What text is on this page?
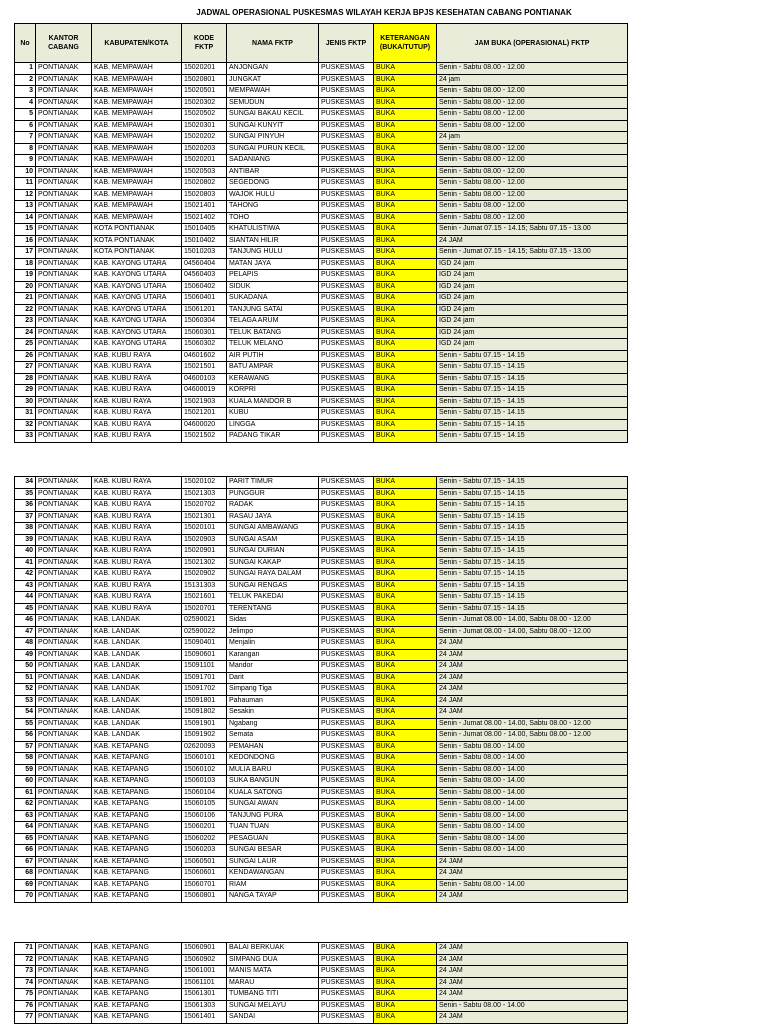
JADWAL OPERASIONAL PUSKESMAS WILAYAH KERJA BPJS KESEHATAN CABANG PONTIANAK
No	KANTOR CABANG	KABUPATEN/KOTA	KODE FKTP	NAMA FKTP	JENIS FKTP	KETERANGAN (BUKA/TUTUP)	JAM BUKA (OPERASIONAL) FKTP
1	PONTIANAK	KAB. MEMPAWAH	15020201	ANJONGAN	PUSKESMAS	BUKA	Senin - Sabtu 08.00 - 12.00
2	PONTIANAK	KAB. MEMPAWAH	15020801	JUNGKAT	PUSKESMAS	BUKA	24 jam
3	PONTIANAK	KAB. MEMPAWAH	15020501	MEMPAWAH	PUSKESMAS	BUKA	Senin - Sabtu 08.00 - 12.00
4	PONTIANAK	KAB. MEMPAWAH	15020302	SEMUDUN	PUSKESMAS	BUKA	Senin - Sabtu 08.00 - 12.00
5	PONTIANAK	KAB. MEMPAWAH	15020502	SUNGAI BAKAU KECIL	PUSKESMAS	BUKA	Senin - Sabtu 08.00 - 12.00
6	PONTIANAK	KAB. MEMPAWAH	15020301	SUNGAI KUNYIT	PUSKESMAS	BUKA	Senin - Sabtu 08.00 - 12.00
7	PONTIANAK	KAB. MEMPAWAH	15020202	SUNGAI PINYUH	PUSKESMAS	BUKA	24 jam
8	PONTIANAK	KAB. MEMPAWAH	15020203	SUNGAI PURUN KECIL	PUSKESMAS	BUKA	Senin - Sabtu 08.00 - 12.00
9	PONTIANAK	KAB. MEMPAWAH	15020201	SADANIANG	PUSKESMAS	BUKA	Senin - Sabtu 08.00 - 12.00
10	PONTIANAK	KAB. MEMPAWAH	15020503	ANTIBAR	PUSKESMAS	BUKA	Senin - Sabtu 08.00 - 12.00
11	PONTIANAK	KAB. MEMPAWAH	15020802	SEGEDONG	PUSKESMAS	BUKA	Senin - Sabtu 08.00 - 12.00
12	PONTIANAK	KAB. MEMPAWAH	15020803	WAJOK HULU	PUSKESMAS	BUKA	Senin - Sabtu 08.00 - 12.00
13	PONTIANAK	KAB. MEMPAWAH	15021401	TAHONG	PUSKESMAS	BUKA	Senin - Sabtu 08.00 - 12.00
14	PONTIANAK	KAB. MEMPAWAH	15021402	TOHO	PUSKESMAS	BUKA	Senin - Sabtu 08.00 - 12.00
15	PONTIANAK	KOTA PONTIANAK	15010405	KHATULISTIWA	PUSKESMAS	BUKA	Senin - Jumat 07.15 - 14.15; Sabtu 07.15 - 13.00
16	PONTIANAK	KOTA PONTIANAK	15010402	SIANTAN HILIR	PUSKESMAS	BUKA	24 JAM
17	PONTIANAK	KOTA PONTIANAK	15010203	TANJUNG HULU	PUSKESMAS	BUKA	Senin - Jumat 07.15 - 14.15; Sabtu 07.15 - 13.00
18	PONTIANAK	KAB. KAYONG UTARA	04560404	MATAN JAYA	PUSKESMAS	BUKA	IGD 24 jam
19	PONTIANAK	KAB. KAYONG UTARA	04560403	PELAPIS	PUSKESMAS	BUKA	IGD 24 jam
20	PONTIANAK	KAB. KAYONG UTARA	15060402	SIDUK	PUSKESMAS	BUKA	IGD 24 jam
21	PONTIANAK	KAB. KAYONG UTARA	15060401	SUKADANA	PUSKESMAS	BUKA	IGD 24 jam
22	PONTIANAK	KAB. KAYONG UTARA	15061201	TANJUNG SATAI	PUSKESMAS	BUKA	IGD 24 jam
23	PONTIANAK	KAB. KAYONG UTARA	15060304	TELAGA ARUM	PUSKESMAS	BUKA	IGD 24 jam
24	PONTIANAK	KAB. KAYONG UTARA	15060301	TELUK BATANG	PUSKESMAS	BUKA	IGD 24 jam
25	PONTIANAK	KAB. KAYONG UTARA	15060302	TELUK MELANO	PUSKESMAS	BUKA	IGD 24 jam
26	PONTIANAK	KAB. KUBU RAYA	04601602	AIR PUTIH	PUSKESMAS	BUKA	Senin - Sabtu 07.15 - 14.15
27	PONTIANAK	KAB. KUBU RAYA	15021501	BATU AMPAR	PUSKESMAS	BUKA	Senin - Sabtu 07.15 - 14.15
28	PONTIANAK	KAB. KUBU RAYA	04600103	KERAWANG	PUSKESMAS	BUKA	Senin - Sabtu 07.15 - 14.15
29	PONTIANAK	KAB. KUBU RAYA	04600019	KORPRI	PUSKESMAS	BUKA	Senin - Sabtu 07.15 - 14.15
30	PONTIANAK	KAB. KUBU RAYA	15021903	KUALA MANDOR B	PUSKESMAS	BUKA	Senin - Sabtu 07.15 - 14.15
31	PONTIANAK	KAB. KUBU RAYA	15021201	KUBU	PUSKESMAS	BUKA	Senin - Sabtu 07.15 - 14.15
32	PONTIANAK	KAB. KUBU RAYA	04600020	LINGGA	PUSKESMAS	BUKA	Senin - Sabtu 07.15 - 14.15
33	PONTIANAK	KAB. KUBU RAYA	15021502	PADANG TIKAR	PUSKESMAS	BUKA	Senin - Sabtu 07.15 - 14.15
34	PONTIANAK	KAB. KUBU RAYA	15020102	PARIT TIMUR	PUSKESMAS	BUKA	Senin - Sabtu 07.15 - 14.15
35	PONTIANAK	KAB. KUBU RAYA	15021303	PUNGGUR	PUSKESMAS	BUKA	Senin - Sabtu 07.15 - 14.15
36	PONTIANAK	KAB. KUBU RAYA	15020702	RADAK	PUSKESMAS	BUKA	Senin - Sabtu 07.15 - 14.15
37	PONTIANAK	KAB. KUBU RAYA	15021301	RASAU JAYA	PUSKESMAS	BUKA	Senin - Sabtu 07.15 - 14.15
38	PONTIANAK	KAB. KUBU RAYA	15020101	SUNGAI AMBAWANG	PUSKESMAS	BUKA	Senin - Sabtu 07.15 - 14.15
39	PONTIANAK	KAB. KUBU RAYA	15020903	SUNGAI ASAM	PUSKESMAS	BUKA	Senin - Sabtu 07.15 - 14.15
40	PONTIANAK	KAB. KUBU RAYA	15020901	SUNGAI DURIAN	PUSKESMAS	BUKA	Senin - Sabtu 07.15 - 14.15
41	PONTIANAK	KAB. KUBU RAYA	15021302	SUNGAI KAKAP	PUSKESMAS	BUKA	Senin - Sabtu 07.15 - 14.15
42	PONTIANAK	KAB. KUBU RAYA	15020902	SUNGAI RAYA DALAM	PUSKESMAS	BUKA	Senin - Sabtu 07.15 - 14.15
43	PONTIANAK	KAB. KUBU RAYA	15131303	SUNGAI RENGAS	PUSKESMAS	BUKA	Senin - Sabtu 07.15 - 14.15
44	PONTIANAK	KAB. KUBU RAYA	15021601	TELUK PAKEDAI	PUSKESMAS	BUKA	Senin - Sabtu 07.15 - 14.15
45	PONTIANAK	KAB. KUBU RAYA	15020701	TERENTANG	PUSKESMAS	BUKA	Senin - Sabtu 07.15 - 14.15
46	PONTIANAK	KAB. LANDAK	02590021	Sidas	PUSKESMAS	BUKA	Senin - Jumat 08.00 - 14.00, Sabtu 08.00 - 12.00
47	PONTIANAK	KAB. LANDAK	02590022	Jelimpo	PUSKESMAS	BUKA	Senin - Jumat 08.00 - 14.00, Sabtu 08.00 - 12.00
48	PONTIANAK	KAB. LANDAK	15090401	Menjalin	PUSKESMAS	BUKA	24 JAM
49	PONTIANAK	KAB. LANDAK	15090601	Karangan	PUSKESMAS	BUKA	24 JAM
50	PONTIANAK	KAB. LANDAK	15091101	Mandor	PUSKESMAS	BUKA	24 JAM
51	PONTIANAK	KAB. LANDAK	15091701	Darit	PUSKESMAS	BUKA	24 JAM
52	PONTIANAK	KAB. LANDAK	15091702	Simpang Tiga	PUSKESMAS	BUKA	24 JAM
53	PONTIANAK	KAB. LANDAK	15091801	Pahauman	PUSKESMAS	BUKA	24 JAM
54	PONTIANAK	KAB. LANDAK	15091802	Sesakin	PUSKESMAS	BUKA	24 JAM
55	PONTIANAK	KAB. LANDAK	15091901	Ngabang	PUSKESMAS	BUKA	Senin - Jumat 08.00 - 14.00, Sabtu 08.00 - 12.00
56	PONTIANAK	KAB. LANDAK	15091902	Semata	PUSKESMAS	BUKA	Senin - Jumat 08.00 - 14.00, Sabtu 08.00 - 12.00
57	PONTIANAK	KAB. KETAPANG	02620093	PEMAHAN	PUSKESMAS	BUKA	Senin - Sabtu 08.00 - 14.00
58	PONTIANAK	KAB. KETAPANG	15060101	KEDONDONG	PUSKESMAS	BUKA	Senin - Sabtu 08.00 - 14.00
59	PONTIANAK	KAB. KETAPANG	15060102	MULIA BARU	PUSKESMAS	BUKA	Senin - Sabtu 08.00 - 14.00
60	PONTIANAK	KAB. KETAPANG	15060103	SUKA BANGUN	PUSKESMAS	BUKA	Senin - Sabtu 08.00 - 14.00
61	PONTIANAK	KAB. KETAPANG	15060104	KUALA SATONG	PUSKESMAS	BUKA	Senin - Sabtu 08.00 - 14.00
62	PONTIANAK	KAB. KETAPANG	15060105	SUNGAI AWAN	PUSKESMAS	BUKA	Senin - Sabtu 08.00 - 14.00
63	PONTIANAK	KAB. KETAPANG	15060106	TANJUNG PURA	PUSKESMAS	BUKA	Senin - Sabtu 08.00 - 14.00
64	PONTIANAK	KAB. KETAPANG	15060201	TUAN TUAN	PUSKESMAS	BUKA	Senin - Sabtu 08.00 - 14.00
65	PONTIANAK	KAB. KETAPANG	15060202	PESAGUAN	PUSKESMAS	BUKA	Senin - Sabtu 08.00 - 14.00
66	PONTIANAK	KAB. KETAPANG	15060203	SUNGAI BESAR	PUSKESMAS	BUKA	Senin - Sabtu 08.00 - 14.00
67	PONTIANAK	KAB. KETAPANG	15060501	SUNGAI LAUR	PUSKESMAS	BUKA	24 JAM
68	PONTIANAK	KAB. KETAPANG	15060601	KENDAWANGAN	PUSKESMAS	BUKA	24 JAM
69	PONTIANAK	KAB. KETAPANG	15060701	RIAM	PUSKESMAS	BUKA	Senin - Sabtu 08.00 - 14.00
70	PONTIANAK	KAB. KETAPANG	15060801	NANGA TAYAP	PUSKESMAS	BUKA	24 JAM
71	PONTIANAK	KAB. KETAPANG	15060901	BALAI BERKUAK	PUSKESMAS	BUKA	24 JAM
72	PONTIANAK	KAB. KETAPANG	15060902	SIMPANG DUA	PUSKESMAS	BUKA	24 JAM
73	PONTIANAK	KAB. KETAPANG	15061001	MANIS MATA	PUSKESMAS	BUKA	24 JAM
74	PONTIANAK	KAB. KETAPANG	15061101	MARAU	PUSKESMAS	BUKA	24 JAM
75	PONTIANAK	KAB. KETAPANG	15061301	TUMBANG TITI	PUSKESMAS	BUKA	24 JAM
76	PONTIANAK	KAB. KETAPANG	15061303	SUNGAI MELAYU	PUSKESMAS	BUKA	Senin - Sabtu 08.00 - 14.00
77	PONTIANAK	KAB. KETAPANG	15061401	SANDAI	PUSKESMAS	BUKA	24 JAM
